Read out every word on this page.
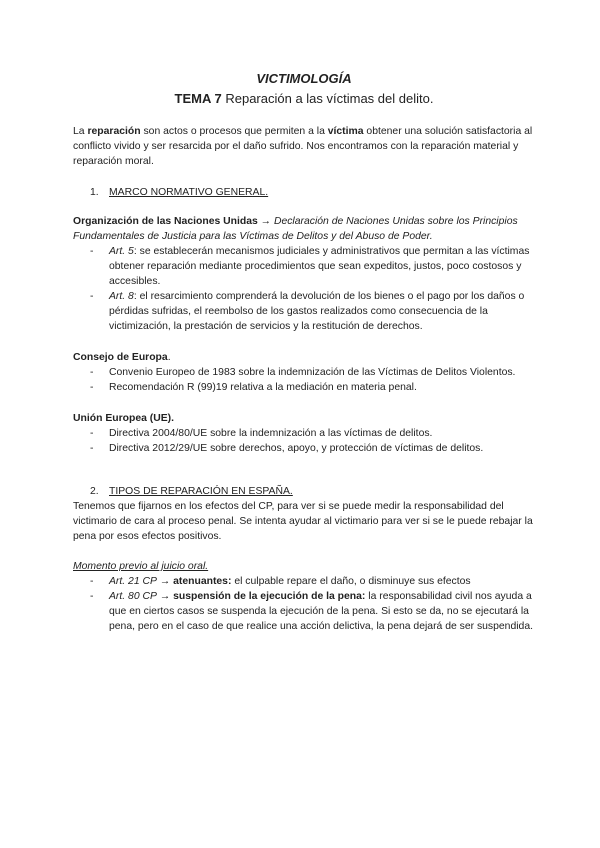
VICTIMOLOGÍA
TEMA 7 Reparación a las víctimas del delito.

La reparación son actos o procesos que permiten a la víctima obtener una solución satisfactoria al conflicto vivido y ser resarcida por el daño sufrido. Nos encontramos con la reparación material y reparación moral.

1. MARCO NORMATIVO GENERAL.

Organización de las Naciones Unidas → Declaración de Naciones Unidas sobre los Principios Fundamentales de Justicia para las Víctimas de Delitos y del Abuso de Poder.

- Art. 5: se establecerán mecanismos judiciales y administrativos que permitan a las víctimas obtener reparación mediante procedimientos que sean expeditos, justos, poco costosos y accesibles.
- Art. 8: el resarcimiento comprenderá la devolución de los bienes o el pago por los daños o pérdidas sufridas, el reembolso de los gastos realizados como consecuencia de la victimización, la prestación de servicios y la restitución de derechos.

Consejo de Europa.

- Convenio Europeo de 1983 sobre la indemnización de las Víctimas de Delitos Violentos.
- Recomendación R (99)19 relativa a la mediación en materia penal.

Unión Europea (UE).

- Directiva 2004/80/UE sobre la indemnización a las víctimas de delitos.
- Directiva 2012/29/UE sobre derechos, apoyo, y protección de víctimas de delitos.
2. TIPOS DE REPARACIÓN EN ESPAÑA.

Tenemos que fijarnos en los efectos del CP, para ver si se puede medir la responsabilidad del victimario de cara al proceso penal. Se intenta ayudar al victimario para ver si se le puede rebajar la pena por esos efectos positivos.

Momento previo al juicio oral.

- Art. 21 CP → atenuantes: el culpable repare el daño, o disminuye sus efectos
- Art. 80 CP → suspensión de la ejecución de la pena: la responsabilidad civil nos ayuda a que en ciertos casos se suspenda la ejecución de la pena. Si esto se da, no se ejecutará la pena, pero en el caso de que realice una acción delictiva, la pena dejará de ser suspendida.
